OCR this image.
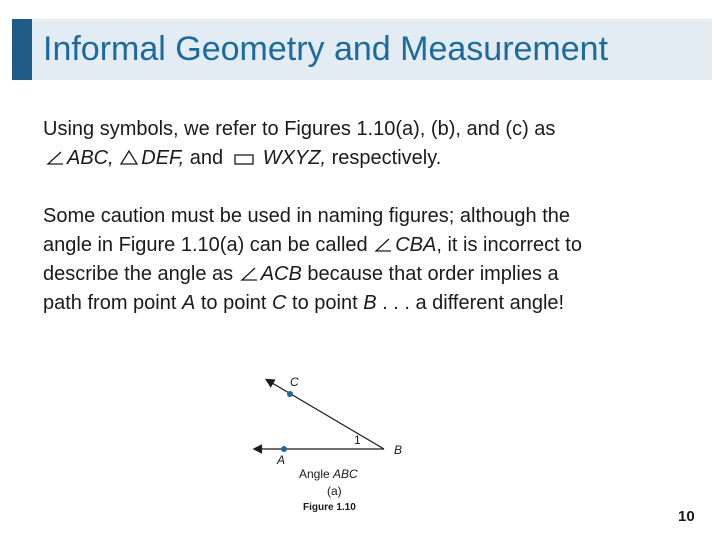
Informal Geometry and Measurement
Using symbols, we refer to Figures 1.10(a), (b), and (c) as
ABC, DEF, and WXYZ, respectively.
Some caution must be used in naming figures; although the
angle in Figure 1.10(a) can be called CBA, it is incorrect to
describe the angle as ACB because that order implies a
path from point A to point C to point B . . . a different angle!
C
A
B
1
Angle ABC
(a)
Figure 1.10
10
